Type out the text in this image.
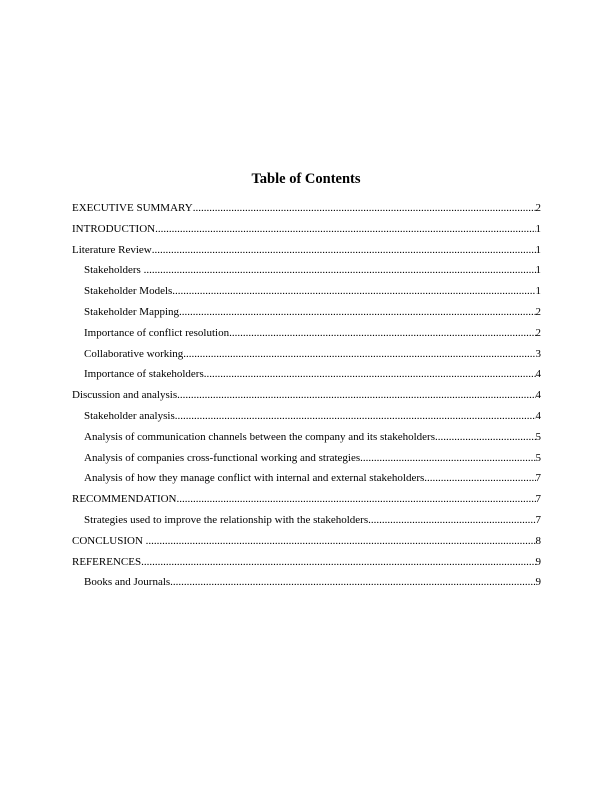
Table of Contents
EXECUTIVE SUMMARY .....	2
INTRODUCTION .....	1
Literature Review .....	1
Stakeholders .....	1
Stakeholder Models .....	1
Stakeholder Mapping .....	2
Importance of conflict resolution .....	2
Collaborative working .....	3
Importance of stakeholders .....	4
Discussion and analysis .....	4
Stakeholder analysis .....	4
Analysis of communication channels between the company and its stakeholders .....	5
Analysis of companies cross-functional working and strategies .....	5
Analysis of how they manage conflict with internal and external stakeholders .....	7
RECOMMENDATION .....	7
Strategies used to improve the relationship with the stakeholders .....	7
CONCLUSION .....	8
REFERENCES .....	9
Books and Journals .....	9
